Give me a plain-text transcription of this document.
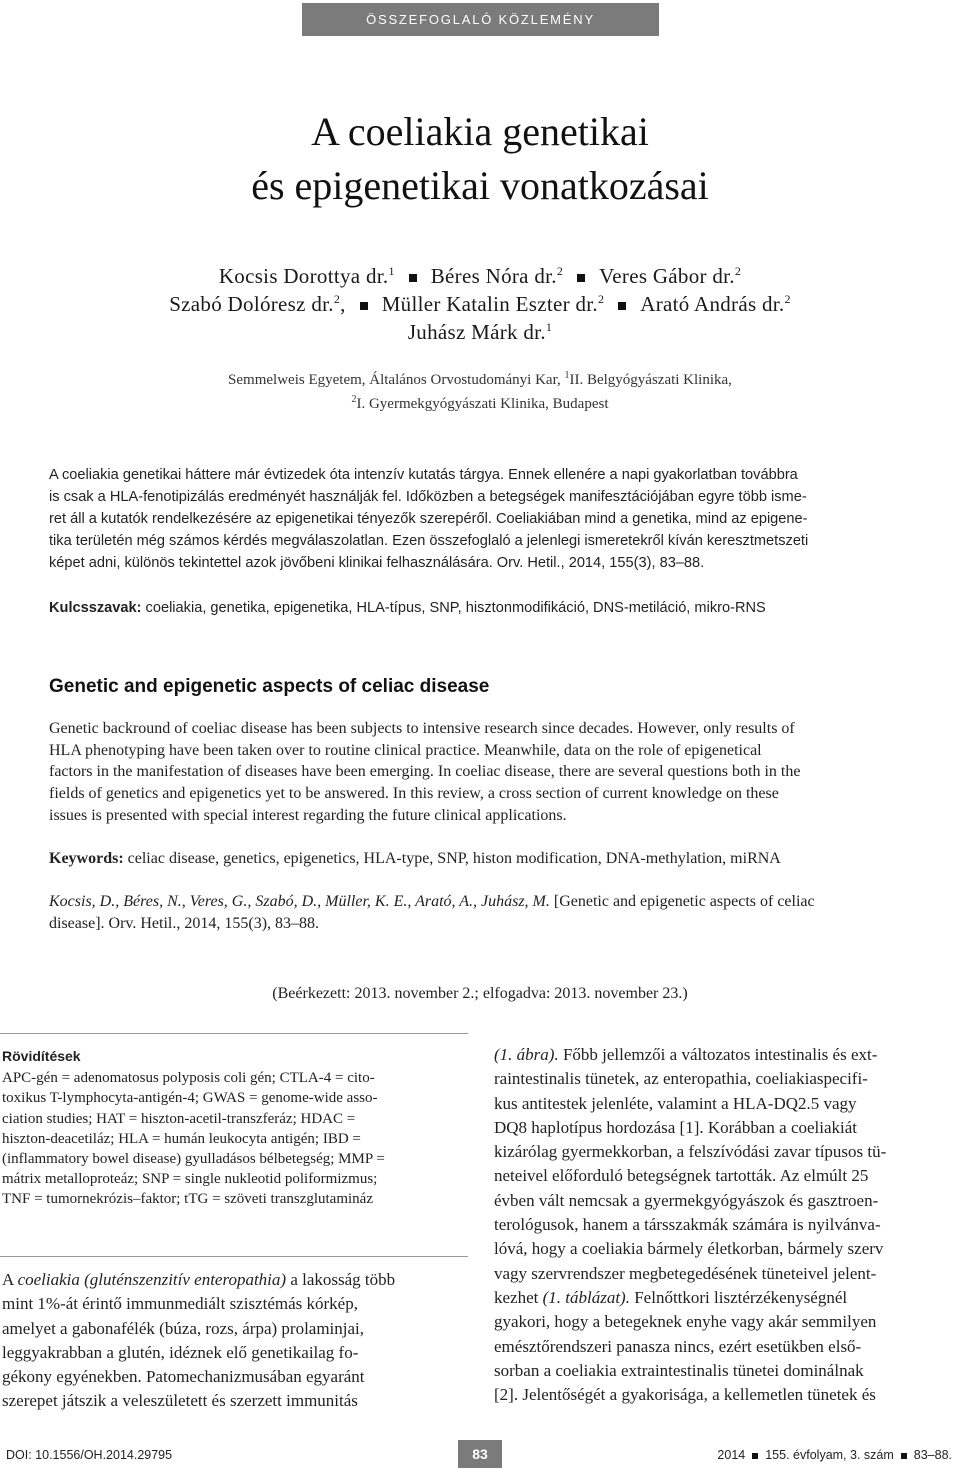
ÖSSZEFOGLALÓ KÖZLEMÉNY
A coeliakia genetikai
és epigenetikai vonatkozásai
Kocsis Dorottya dr.$^1$ Béres Nóra dr.$^2$ Veres Gábor dr.$^2$
Szabó Dolóresz dr.$^2$, Müller Katalin Eszter dr.$^2$ Arató András dr.$^2$
Juhász Márk dr.$^1$
Semmelweis Egyetem, Általános Orvostudományi Kar, $^1$II. Belgyógyászati Klinika,
$^2$I. Gyermekgyógyászati Klinika, Budapest
A coeliakia genetikai háttere már évtizedek óta intenzív kutatás tárgya. Ennek ellenére a napi gyakorlatban továbbra
is csak a HLA-fenotipizálás eredményét használják fel. Időközben a betegségek manifesztációjában egyre több isme-
ret áll a kutatók rendelkezésére az epigenetikai tényezők szerepéről. Coeliakiában mind a genetika, mind az epigene-
tika területén még számos kérdés megválaszolatlan. Ezen összefoglaló a jelenlegi ismeretekről kíván keresztmetszeti
képet adni, különös tekintettel azok jövőbeni klinikai felhasználására. Orv. Hetil., 2014, 155(3), 83–88.
Kulcsszavak: coeliakia, genetika, epigenetika, HLA-típus, SNP, hisztonmodifikáció, DNS-metiláció, mikro-RNS
Genetic and epigenetic aspects of celiac disease
Genetic backround of coeliac disease has been subjects to intensive research since decades. However, only results of
HLA phenotyping have been taken over to routine clinical practice. Meanwhile, data on the role of epigenetical
factors in the manifestation of diseases have been emerging. In coeliac disease, there are several questions both in the
fields of genetics and epigenetics yet to be answered. In this review, a cross section of current knowledge on these
issues is presented with special interest regarding the future clinical applications.
Keywords: celiac disease, genetics, epigenetics, HLA-type, SNP, histon modification, DNA-methylation, miRNA
Kocsis, D., Béres, N., Veres, G., Szabó, D., Müller, K. E., Arató, A., Juhász, M. [Genetic and epigenetic aspects of celiac
disease]. Orv. Hetil., 2014, 155(3), 83–88.
(Beérkezett: 2013. november 2.; elfogadva: 2013. november 23.)
Rövidítések
APC-gén = adenomatosus polyposis coli gén; CTLA-4 = cito-
toxikus T-lymphocyta-antigén-4; GWAS = genome-wide asso-
ciation studies; HAT = hiszton-acetil-transzferáz; HDAC =
hiszton-deacetiláz; HLA = humán leukocyta antigén; IBD =
(inflammatory bowel disease) gyulladásos bélbetegség; MMP =
mátrix metalloproteáz; SNP = single nukleotid poliformizmus;
TNF = tumornekrózis–faktor; tTG = szöveti transzglutamináz
A coeliakia (gluténszenzitív enteropathia) a lakosság több
mint 1%-át érintő immunmediált szisztémás kórkép,
amelyet a gabonafélék (búza, rozs, árpa) prolaminjai,
leggyakrabban a glutén, idéznek elő genetikailag fo-
gékony egyénekben. Patomechanizmusában egyaránt
szerepet játszik a veleszületett és szerzett immunitás
(1. ábra). Főbb jellemzői a változatos intestinalis és ext-
raintestinalis tünetek, az enteropathia, coeliakiaspecifi-
kus antitestek jelenléte, valamint a HLA-DQ2.5 vagy
DQ8 haplotípus hordozása [1]. Korábban a coeliakiát
kizárólag gyermekkorban, a felszívódási zavar típusos tü-
neteivel előforduló betegségnek tartották. Az elmúlt 25
évben vált nemcsak a gyermekgyógyászok és gasztroen-
terológusok, hanem a társszakmák számára is nyilvánva-
lóvá, hogy a coeliakia bármely életkorban, bármely szerv
vagy szervrendszer megbetegedésének tüneteivel jelent-
kezhet (1. táblázat). Felnőttkori lisztérzékenységnél
gyakori, hogy a betegeknek enyhe vagy akár semmilyen
emésztőrendszeri panasza nincs, ezért esetükben első-
sorban a coeliakia extraintestinalis tünetei dominálnak
[2]. Jelentőségét a gyakorisága, a kellemetlen tünetek és
DOI: 10.1556/OH.2014.29795	83	2014 155. évfolyam, 3. szám 83–88.
